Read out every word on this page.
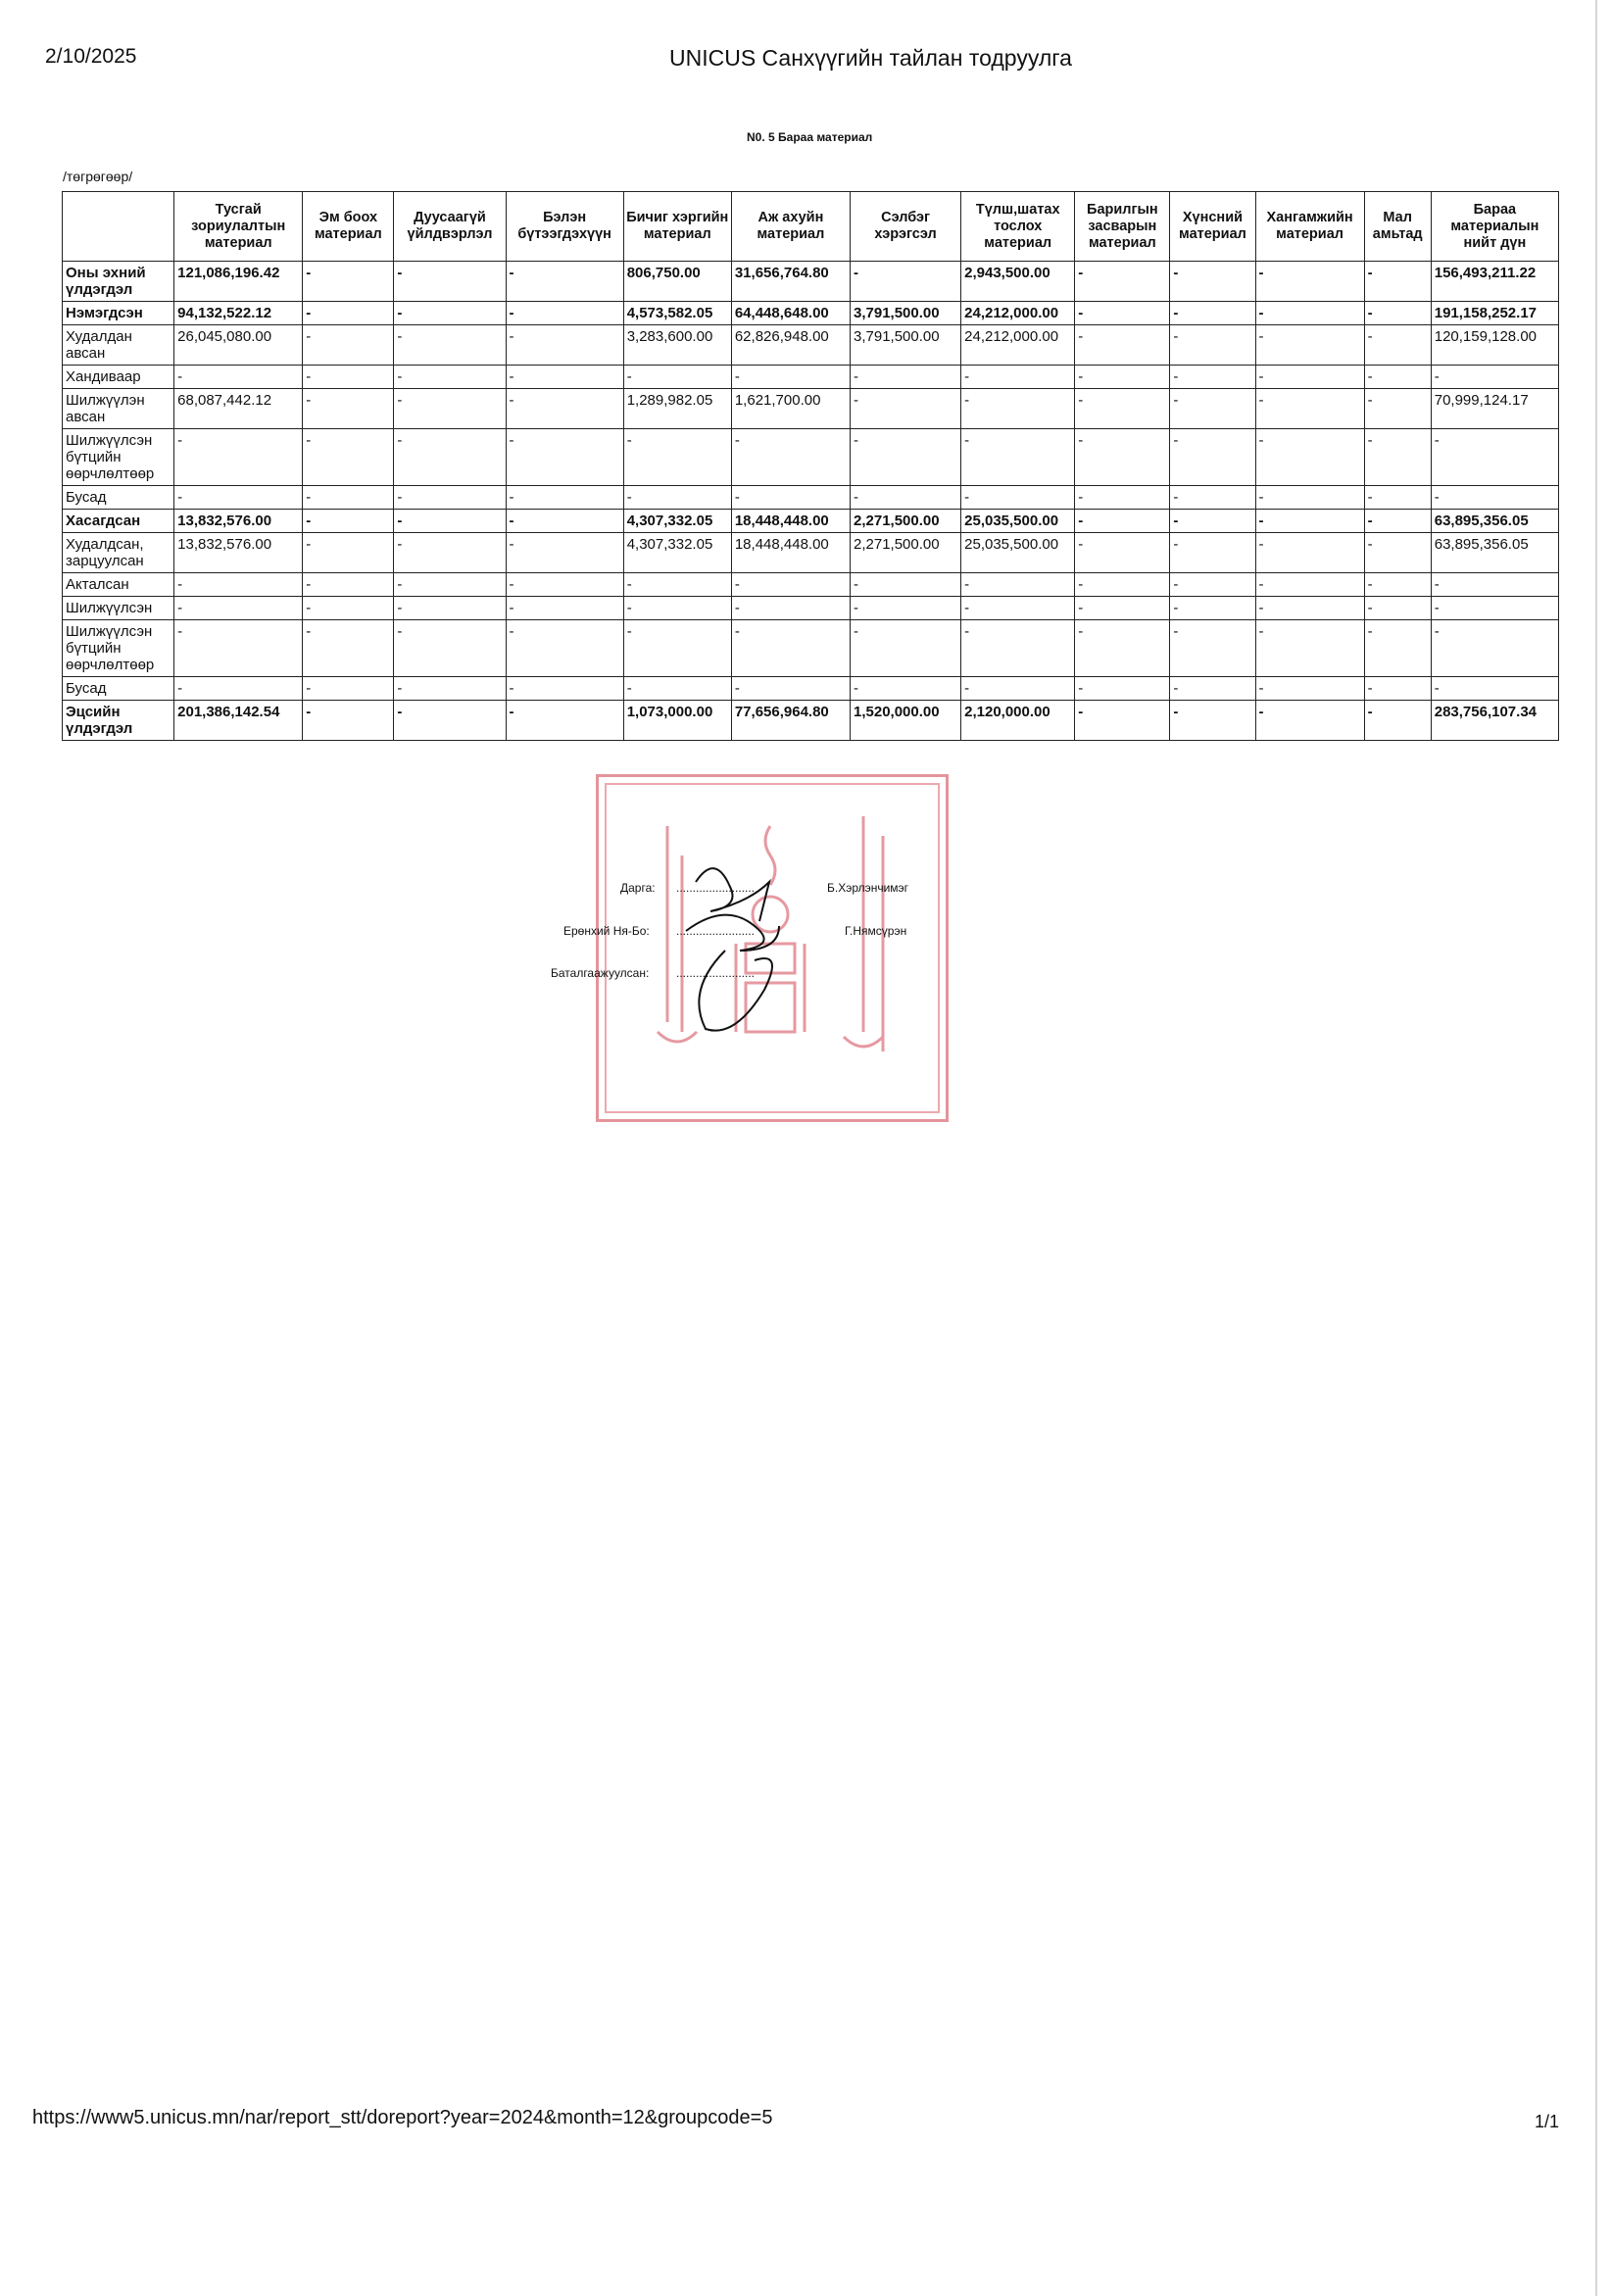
2/10/2025	UNICUS Санхүүгийн тайлан тодруулга
N0. 5 Бараа материал
/төгрөгөөр/
	Тусгай зориулалтын материал	Эм боох материал	Дуусаагүй үйлдвэрлэл	Бэлэн бүтээгдэхүүн	Бичиг хэргийн материал	Аж ахуйн материал	Сэлбэг хэрэгсэл	Түлш,шатах тослох материал	Барилгын засварын материал	Хүнсний материал	Хангамжийн материал	Мал амьтад	Бараа материалын нийт дүн
Оны эхний үлдэгдэл	121,086,196.42	-	-	-	806,750.00	31,656,764.80	-	2,943,500.00	-	-	-	-	156,493,211.22
Нэмэгдсэн	94,132,522.12	-	-	-	4,573,582.05	64,448,648.00	3,791,500.00	24,212,000.00	-	-	-	-	191,158,252.17
Худалдан авсан	26,045,080.00	-	-	-	3,283,600.00	62,826,948.00	3,791,500.00	24,212,000.00	-	-	-	-	120,159,128.00
Хандиваар	-	-	-	-	-	-	-	-	-	-	-	-	-
Шилжүүлэн авсан	68,087,442.12	-	-	-	1,289,982.05	1,621,700.00	-	-	-	-	-	-	70,999,124.17
Шилжүүлсэн бүтцийн өөрчлөлтөөр	-	-	-	-	-	-	-	-	-	-	-	-	-
Бусад	-	-	-	-	-	-	-	-	-	-	-	-	-
Хасагдсан	13,832,576.00	-	-	-	4,307,332.05	18,448,448.00	2,271,500.00	25,035,500.00	-	-	-	-	63,895,356.05
Худалдсан, зарцуулсан	13,832,576.00	-	-	-	4,307,332.05	18,448,448.00	2,271,500.00	25,035,500.00	-	-	-	-	63,895,356.05
Акталсан	-	-	-	-	-	-	-	-	-	-	-	-	-
Шилжүүлсэн	-	-	-	-	-	-	-	-	-	-	-	-	-
Шилжүүлсэн бүтцийн өөрчлөлтөөр	-	-	-	-	-	-	-	-	-	-	-	-	-
Бусад	-	-	-	-	-	-	-	-	-	-	-	-	-
Эцсийн үлдэгдэл	201,386,142.54	-	-	-	1,073,000.00	77,656,964.80	1,520,000.00	2,120,000.00	-	-	-	-	283,756,107.34
Дарга: ........................	Б.Хэрлэнчимэг
Ерөнхий Ня-Бо: ........................	Г.Нямсүрэн
Баталгаажуулсан: ........................
https://www5.unicus.mn/nar/report_stt/doreport?year=2024&month=12&groupcode=5	1/1
